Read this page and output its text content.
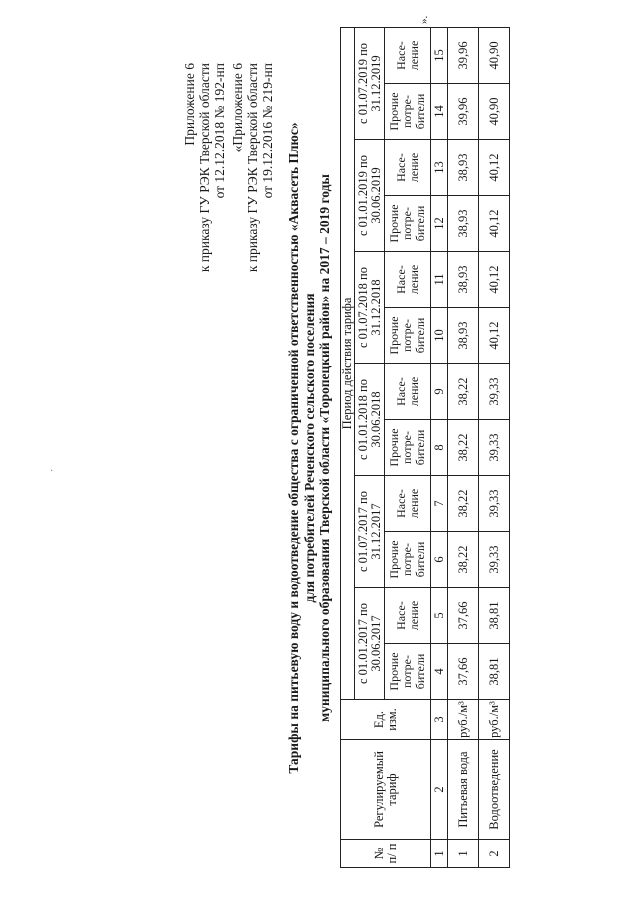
Приложение 6 к приказу ГУ РЭК Тверской области от 12.12.2018 № 192-нп «Приложение 6 к приказу ГУ РЭК Тверской области от 19.12.2016 № 219-нп Тарифы на питьевую воду и водоотведение общества с ограниченной ответственностью «Аквасеть Плюс» для потребителей Реченского сельского поселения муниципального образования Тверской области «Торопецкий район» на 2017 – 2019 годы
№ п/ п	Регулируемый тариф	Ед. изм.	Период действия тарифа											
			с 01.01.2017 по 30.06.2017		с 01.07.2017 по 31.12.2017		с 01.01.2018 по 30.06.2018		с 01.07.2018 по 31.12.2018		с 01.01.2019 по 30.06.2019		с 01.07.2019 по 31.12.2019	
			Прочие потре- бители	Насе- ление	Прочие потре- бители	Насе- ление	Прочие потре- бители	Насе- ление	Прочие потре- бители	Насе- ление	Прочие потре- бители	Насе- ление	Прочие потре- бители	Насе- ление
1	2	3	4	5	6	7	8	9	10	11	12	13	14	15
1	Питьевая вода	руб./м³	37,66	37,66	38,22	38,22	38,22	38,22	38,93	38,93	38,93	38,93	39,96	39,96
2	Водоотведение	руб./м³	38,81	38,81	39,33	39,33	39,33	39,33	40,12	40,12	40,12	40,12	40,90	40,90
».
·
